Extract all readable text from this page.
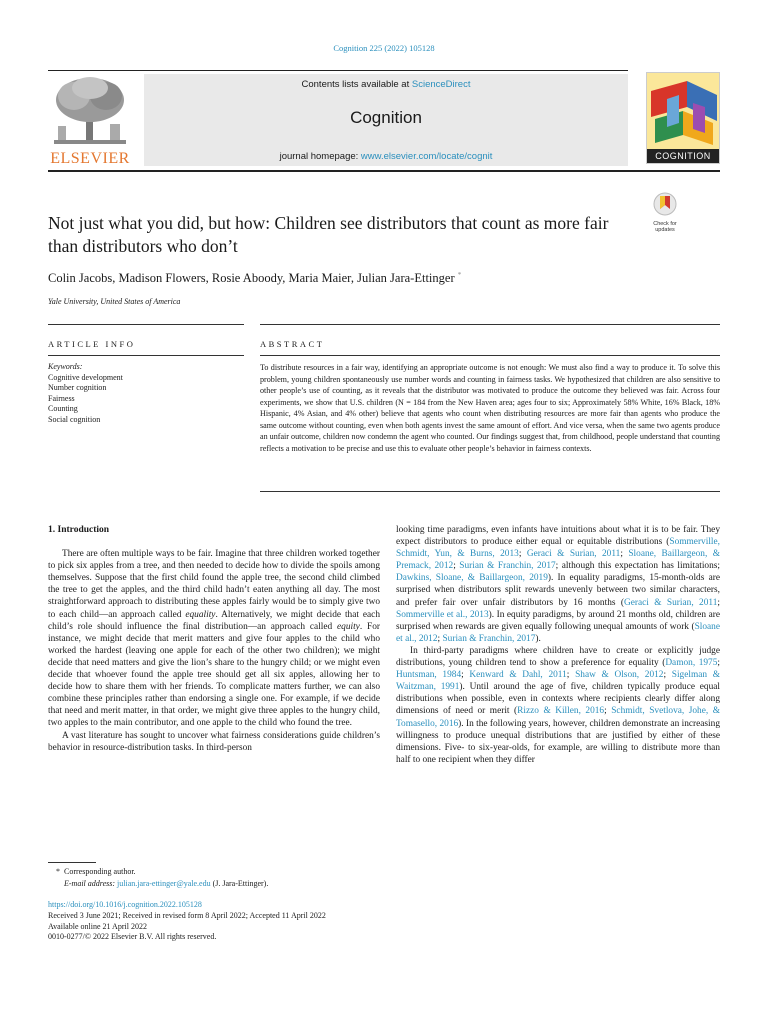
Cognition 225 (2022) 105128
ELSEVIER
Contents lists available at ScienceDirect
Cognition
journal homepage: www.elsevier.com/locate/cognit	COGNITION
Not just what you did, but how: Children see distributors that count as more fair than distributors who don’t
Check for updates
Colin Jacobs, Madison Flowers, Rosie Aboody, Maria Maier, Julian Jara-Ettinger *
Yale University, United States of America
ARTICLE INFO	ABSTRACT
Keywords:
Cognitive development
Number cognition
Fairness
Counting
Social cognition
To distribute resources in a fair way, identifying an appropriate outcome is not enough: We must also find a way to produce it. To solve this problem, young children spontaneously use number words and counting in fairness tasks. We hypothesized that children are also sensitive to other people’s use of counting, as it reveals that the distributor was motivated to produce the outcome they believed was fair. Across four experiments, we show that U.S. children (N = 184 from the New Haven area; ages four to six; Approximately 58% White, 16% Black, 18% Hispanic, 4% Asian, and 4% other) believe that agents who count when distributing resources are more fair than agents who produce the same outcome without counting, even when both agents invest the same amount of effort. And vice versa, when the same two agents produce an unfair outcome, children now condemn the agent who counted. Our findings suggest that, from childhood, people understand that counting reflects a motivation to be precise and use this to evaluate other people’s behavior in fairness contexts.
1. Introduction

There are often multiple ways to be fair. Imagine that three children worked together to pick six apples from a tree, and then needed to decide how to divide the spoils among themselves. Suppose that the first child found the apple tree, the second child climbed the tree to get the apples, and the third child hadn’t eaten anything all day. The most straightforward approach to distributing these apples fairly would be to simply give two to each child—an approach called equality. Alternatively, we might decide that each child’s role should influence the final distribution—an approach called equity. For instance, we might decide that merit matters and give four apples to the child who worked the hardest (leaving one apple for each of the other two children); we might decide that need matters and give the lion’s share to the hungry child; or we might even decide that whoever found the apple tree should get all six apples, allowing her to decide how to share them with her friends. To complicate matters further, we can also combine these principles rather than endorsing a single one. For example, if we decide that need and merit matter, in that order, we might give three apples to the hungry child, two apples to the main contributor, and one apple to the child who found the tree.

A vast literature has sought to uncover what fairness considerations guide children’s behavior in resource-distribution tasks. In third-person

looking time paradigms, even infants have intuitions about what it is to be fair. They expect distributors to produce either equal or equitable distributions (Sommerville, Schmidt, Yun, & Burns, 2013; Geraci & Surian, 2011; Sloane, Baillargeon, & Premack, 2012; Surian & Franchin, 2017; although this expectation has limitations; Dawkins, Sloane, & Baillargeon, 2019). In equality paradigms, 15-month-olds are surprised when distributors split rewards unevenly between two similar characters, and prefer fair over unfair distributors by 16 months (Geraci & Surian, 2011; Sommerville et al., 2013). In equity paradigms, by around 21 months old, children are surprised when rewards are given equally following unequal amounts of work (Sloane et al., 2012; Surian & Franchin, 2017).

In third-party paradigms where children have to create or explicitly judge distributions, young children tend to show a preference for equality (Damon, 1975; Huntsman, 1984; Kenward & Dahl, 2011; Shaw & Olson, 2012; Sigelman & Waitzman, 1991). Until around the age of five, children typically produce equal distributions when possible, even in contexts where recipients clearly differ along dimensions of need or merit (Rizzo & Killen, 2016; Schmidt, Svetlova, Johe, & Tomasello, 2016). In the following years, however, children demonstrate an increasing willingness to produce unequal distributions that are justified by either of these dimensions. Five- to six-year-olds, for example, are willing to distribute more than half to one recipient when they differ

* Corresponding author.
E-mail address: julian.jara-ettinger@yale.edu (J. Jara-Ettinger).
https://doi.org/10.1016/j.cognition.2022.105128
Received 3 June 2021; Received in revised form 8 April 2022; Accepted 11 April 2022
Available online 21 April 2022
0010-0277/© 2022 Elsevier B.V. All rights reserved.
